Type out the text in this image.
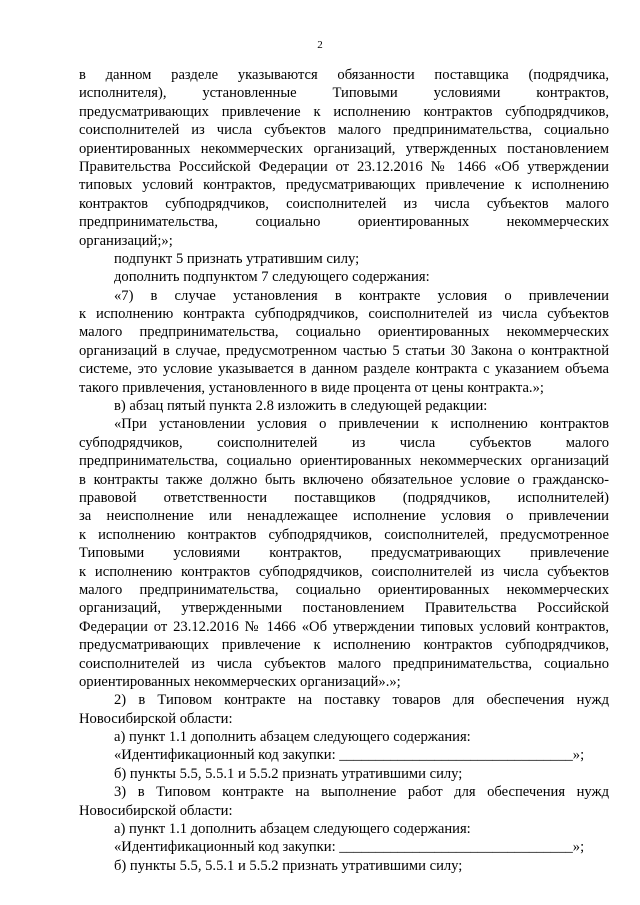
2
в данном разделе указываются обязанности поставщика (подрядчика,
исполнителя), установленные Типовыми условиями контрактов,
предусматривающих привлечение к исполнению контрактов субподрядчиков,
соисполнителей из числа субъектов малого предпринимательства, социально
ориентированных некоммерческих организаций, утвержденных постановлением
Правительства Российской Федерации от 23.12.2016 № 1466 «Об утверждении
типовых условий контрактов, предусматривающих привлечение к исполнению
контрактов субподрядчиков, соисполнителей из числа субъектов малого
предпринимательства, социально ориентированных некоммерческих
организаций;»;
подпункт 5 признать утратившим силу;
дополнить подпунктом 7 следующего содержания:
«7) в случае установления в контракте условия о привлечении
к исполнению контракта субподрядчиков, соисполнителей из числа субъектов
малого предпринимательства, социально ориентированных некоммерческих
организаций в случае, предусмотренном частью 5 статьи 30 Закона о контрактной
системе, это условие указывается в данном разделе контракта с указанием объема
такого привлечения, установленного в виде процента от цены контракта.»;
в) абзац пятый пункта 2.8 изложить в следующей редакции:
«При установлении условия о привлечении к исполнению контрактов
субподрядчиков, соисполнителей из числа субъектов малого
предпринимательства, социально ориентированных некоммерческих организаций
в контракты также должно быть включено обязательное условие о гражданско-
правовой ответственности поставщиков (подрядчиков, исполнителей)
за неисполнение или ненадлежащее исполнение условия о привлечении
к исполнению контрактов субподрядчиков, соисполнителей, предусмотренное
Типовыми условиями контрактов, предусматривающих привлечение
к исполнению контрактов субподрядчиков, соисполнителей из числа субъектов
малого предпринимательства, социально ориентированных некоммерческих
организаций, утвержденными постановлением Правительства Российской
Федерации от 23.12.2016 № 1466 «Об утверждении типовых условий контрактов,
предусматривающих привлечение к исполнению контрактов субподрядчиков,
соисполнителей из числа субъектов малого предпринимательства, социально
ориентированных некоммерческих организаций».»;
2) в Типовом контракте на поставку товаров для обеспечения нужд
Новосибирской области:
а) пункт 1.1 дополнить абзацем следующего содержания:
«Идентификационный код закупки: ________________________________»;
б) пункты 5.5, 5.5.1 и 5.5.2 признать утратившими силу;
3) в Типовом контракте на выполнение работ для обеспечения нужд
Новосибирской области:
а) пункт 1.1 дополнить абзацем следующего содержания:
«Идентификационный код закупки: ________________________________»;
б) пункты 5.5, 5.5.1 и 5.5.2 признать утратившими силу;
